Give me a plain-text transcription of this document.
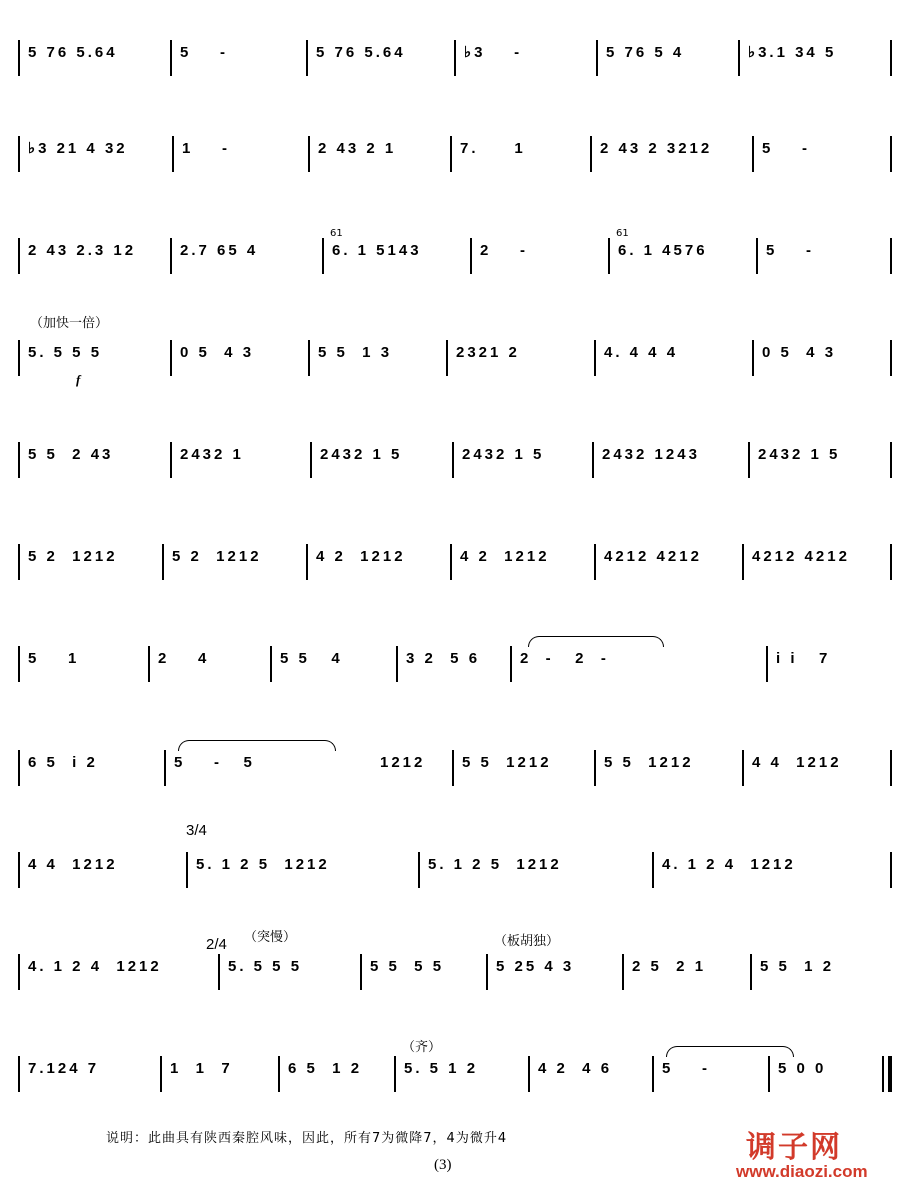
5 76 5.64	5    -	5 76 5.64	♭3    -	5 76 5 4	♭3.1 34 5
♭3 21 4 32	1    -	2 43 2 1	7.     1	2 43 2 3212	5    -
61	61
2 43 2.3 12	2.7 65 4	6. 1 5143	2    -	6. 1 4576	5    -
（加快一倍）
f
5. 5 5 5	0 5  4 3	5 5  1 3	2321 2	4. 4 4 4	0 5  4 3
5 5  2 43	2432 1	2432 1 5	2432 1 5	2432 1243	2432 1 5
5 2  1212	5 2  1212	4 2  1212	4 2  1212	4212 4212	4212 4212
5    1	2    4	5 5   4	3 2  5 6	2  -   2  -	i i   7
6 5  i 2	5    -   5	1212	5 5  1212	5 5  1212	4 4  1212
3/4
4 4  1212	5. 1 2 5  1212	5. 1 2 5  1212	4. 1 2 4  1212
2/4 （突慢）	（板胡独）
4. 1 2 4  1212	5. 5 5 5	5 5  5 5	5 25 4 3	2 5  2 1	5 5  1 2
（齐）
7.124 7	1  1  7	6 5  1 2	5. 5 1 2	4 2  4 6	5    -	5 0 0
说明：此曲具有陕西秦腔风味，因此，所有7为微降7，4为微升4
(3)	调子网
www.diaozi.com
